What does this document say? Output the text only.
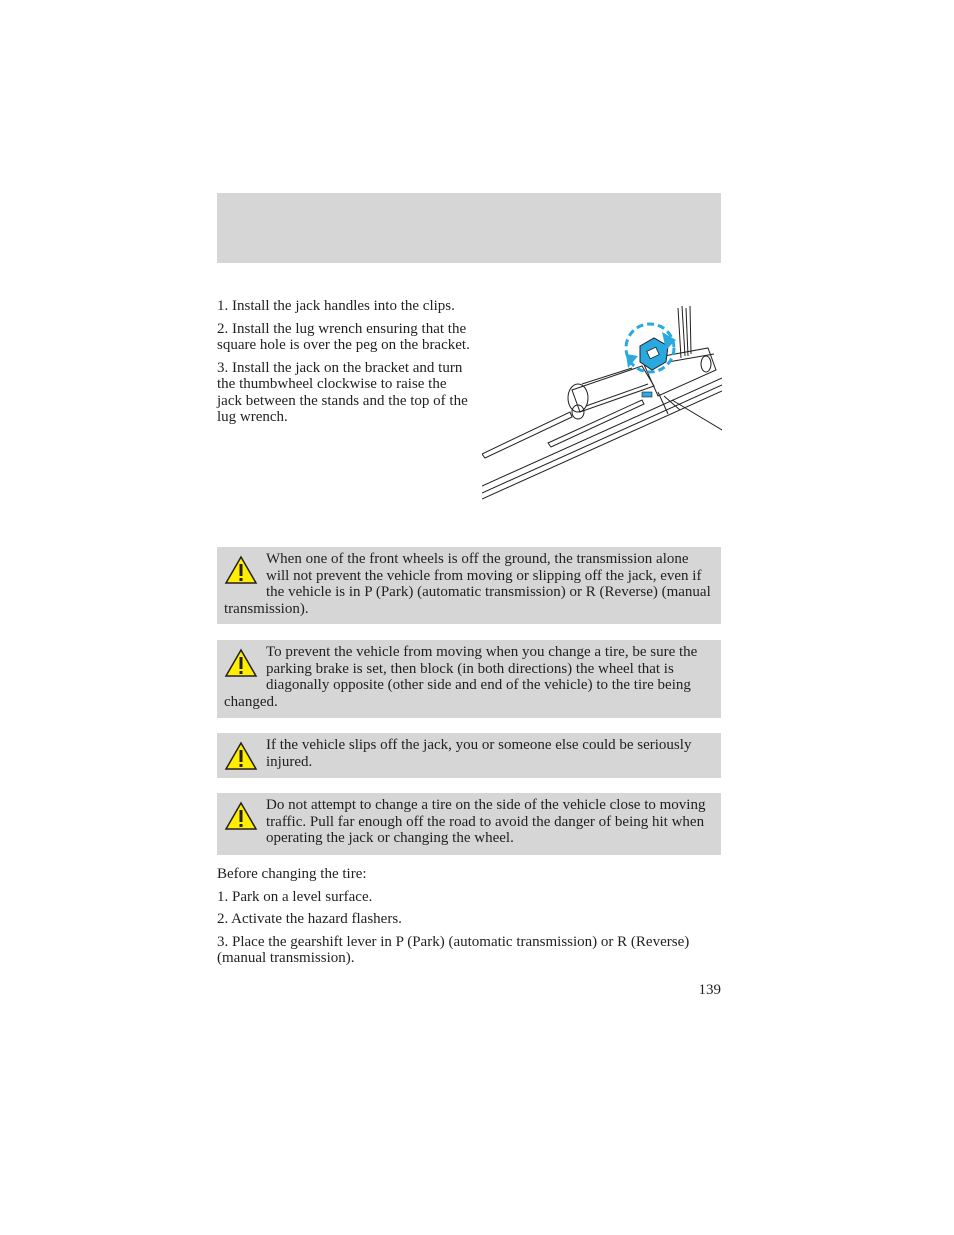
1. Install the jack handles into the clips.

2. Install the lug wrench ensuring that the square hole is over the peg on the bracket.

3. Install the jack on the bracket and turn the thumbwheel clockwise to raise the jack between the stands and the top of the lug wrench.

When one of the front wheels is off the ground, the transmission alone will not prevent the vehicle from moving or slipping off the jack, even if the vehicle is in P (Park) (automatic transmission) or R (Reverse) (manual transmission).

To prevent the vehicle from moving when you change a tire, be sure the parking brake is set, then block (in both directions) the wheel that is diagonally opposite (other side and end of the vehicle) to the tire being changed.

If the vehicle slips off the jack, you or someone else could be seriously injured.

Do not attempt to change a tire on the side of the vehicle close to moving traffic. Pull far enough off the road to avoid the danger of being hit when operating the jack or changing the wheel.

Before changing the tire:

1. Park on a level surface.

2. Activate the hazard flashers.

3. Place the gearshift lever in P (Park) (automatic transmission) or R (Reverse) (manual transmission).

139
